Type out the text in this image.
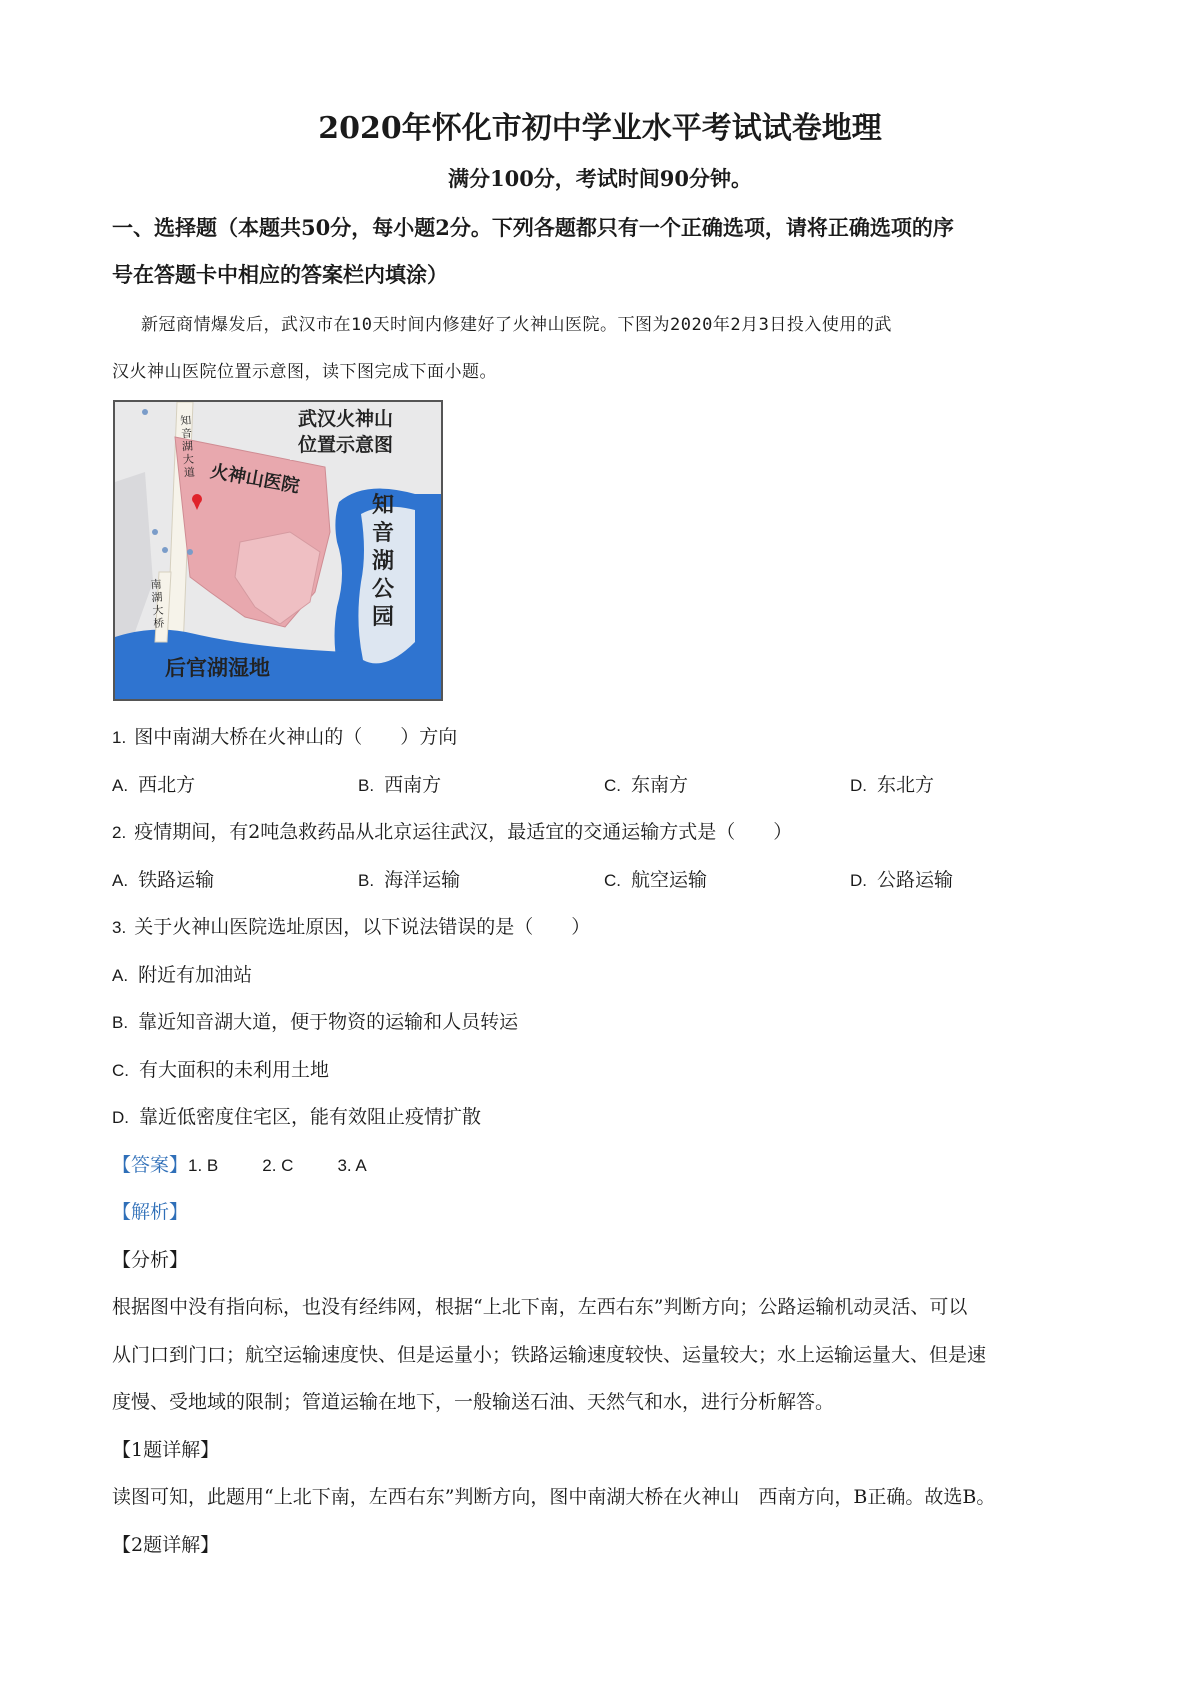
2020年怀化市初中学业水平考试试卷地理
满分100分，考试时间90分钟。
一、选择题（本题共50分，每小题2分。下列各题都只有一个正确选项，请将正确选项的序
号在答题卡中相应的答案栏内填涂）
新冠商情爆发后，武汉市在10天时间内修建好了火神山医院。下图为2020年2月3日投入使用的武
汉火神山医院位置示意图，读下图完成下面小题。
武汉火神山
位置示意图
火神山医院
知
音
湖
公
园
后官湖湿地
知
音
湖
大
道
南
湖
大
桥
1. 图中南湖大桥在火神山的（　　）方向
A. 西北方	B. 西南方	C. 东南方	D. 东北方
2. 疫情期间，有2吨急救药品从北京运往武汉，最适宜的交通运输方式是（　　）
A. 铁路运输	B. 海洋运输	C. 航空运输	D. 公路运输
3. 关于火神山医院选址原因，以下说法错误的是（　　）
A. 附近有加油站
B. 靠近知音湖大道，便于物资的运输和人员转运
C. 有大面积的未利用土地
D. 靠近低密度住宅区，能有效阻止疫情扩散
【答案】1. B	2. C	3. A
【解析】
【分析】
根据图中没有指向标，也没有经纬网，根据“上北下南，左西右东”判断方向；公路运输机动灵活、可以
从门口到门口；航空运输速度快、但是运量小；铁路运输速度较快、运量较大；水上运输运量大、但是速
度慢、受地域的限制；管道运输在地下，一般输送石油、天然气和水，进行分析解答。
【1题详解】
读图可知，此题用“上北下南，左西右东”判断方向，图中南湖大桥在火神山　西南方向，B正确。故选B。
【2题详解】
